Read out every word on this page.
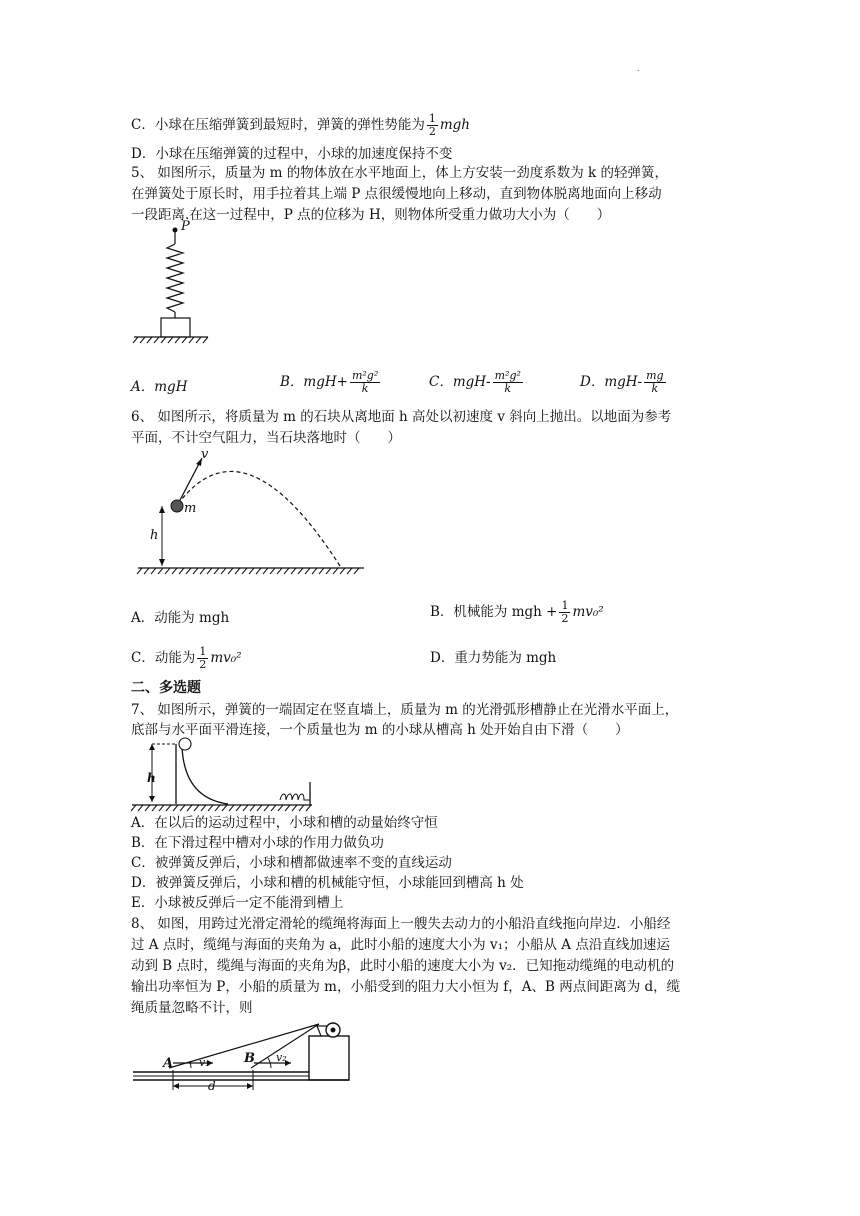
.
C．小球在压缩弹簧到最短时，弹簧的弹性势能为 $\frac{1}{2}$ mgh
D．小球在压缩弹簧的过程中，小球的加速度保持不变
5、 如图所示，质量为 m 的物体放在水平地面上，体上方安装一劲度系数为 k 的轻弹簧，
在弹簧处于原长时，用手拉着其上端 P 点很缓慢地向上移动，直到物体脱离地面向上移动
一段距离.在这一过程中，P 点的位移为 H，则物体所受重力做功大小为（　　）
P
A．mgH	B．$mgH+ \frac{\text{m²g²}}{k}$	C．$mgH- \frac{\text{m²g²}}{k}$	D．$mgH- \frac{mg}{k}$
6、 如图所示，将质量为 m 的石块从离地面 h 高处以初速度 v 斜向上抛出。以地面为参考
平面，不计空气阻力，当石块落地时（　　）
v
m
h
A．动能为 mgh	B．机械能为 mgh + $\frac{1}{2} mv_0^2$
C．动能为 $\frac{1}{2} mv_0^2$	D．重力势能为 mgh
二、多选题
7、 如图所示，弹簧的一端固定在竖直墙上，质量为 m 的光滑弧形槽静止在光滑水平面上，
底部与水平面平滑连接，一个质量也为 m 的小球从槽高 h 处开始自由下滑（　　）
h
A．在以后的运动过程中，小球和槽的动量始终守恒
B．在下滑过程中槽对小球的作用力做负功
C．被弹簧反弹后，小球和槽都做速率不变的直线运动
D．被弹簧反弹后，小球和槽的机械能守恒，小球能回到槽高 h 处
E．小球被反弹后一定不能滑到槽上
8、 如图，用跨过光滑定滑轮的缆绳将海面上一艘失去动力的小船沿直线拖向岸边．小船经
过 A 点时，缆绳与海面的夹角为 a，此时小船的速度大小为 v₁；小船从 A 点沿直线加速运
动到 B 点时，缆绳与海面的夹角为β，此时小船的速度大小为 v₂．已知拖动缆绳的电动机的
输出功率恒为 P，小船的质量为 m，小船受到的阻力大小恒为 f，A、B 两点间距离为 d，缆
绳质量忽略不计，则
A	B
v₁	v₂
d
